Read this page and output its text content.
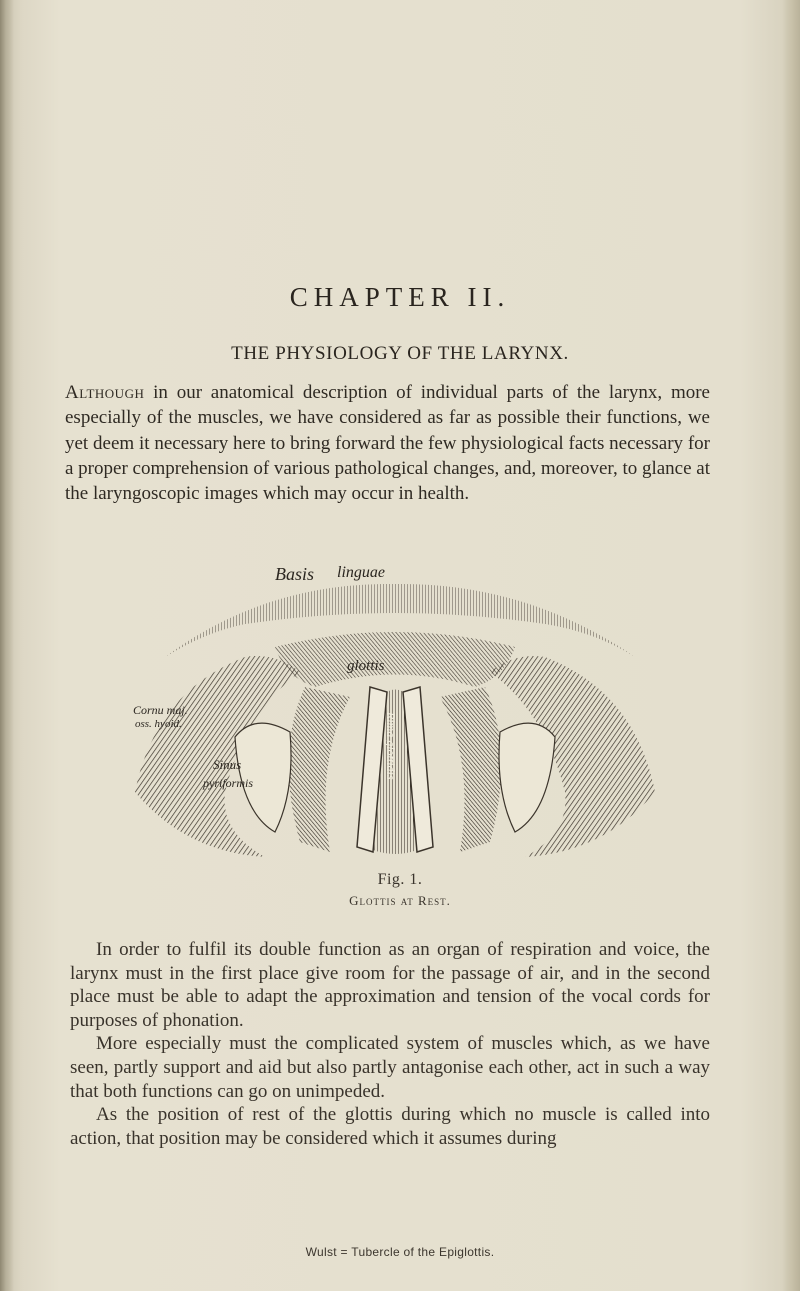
CHAPTER II.
THE PHYSIOLOGY OF THE LARYNX.
Although in our anatomical description of individual parts of the larynx, more especially of the muscles, we have considered as far as possible their functions, we yet deem it necessary here to bring forward the few physiological facts necessary for a proper comprehension of various pathological changes, and, moreover, to glance at the laryngoscopic images which may occur in health.
Basis linguae
Cornu maj.
oss. hyoid.
Sinus
pyriformis
glottis
Rima glottidis
Fig. 1.
Glottis at Rest.
In order to fulfil its double function as an organ of respiration and voice, the larynx must in the first place give room for the passage of air, and in the second place must be able to adapt the approximation and tension of the vocal cords for purposes of phonation.
More especially must the complicated system of muscles which, as we have seen, partly support and aid but also partly antagonise each other, act in such a way that both functions can go on unimpeded.
As the position of rest of the glottis during which no muscle is called into action, that position may be considered which it assumes during
Wulst = Tubercle of the Epiglottis.
